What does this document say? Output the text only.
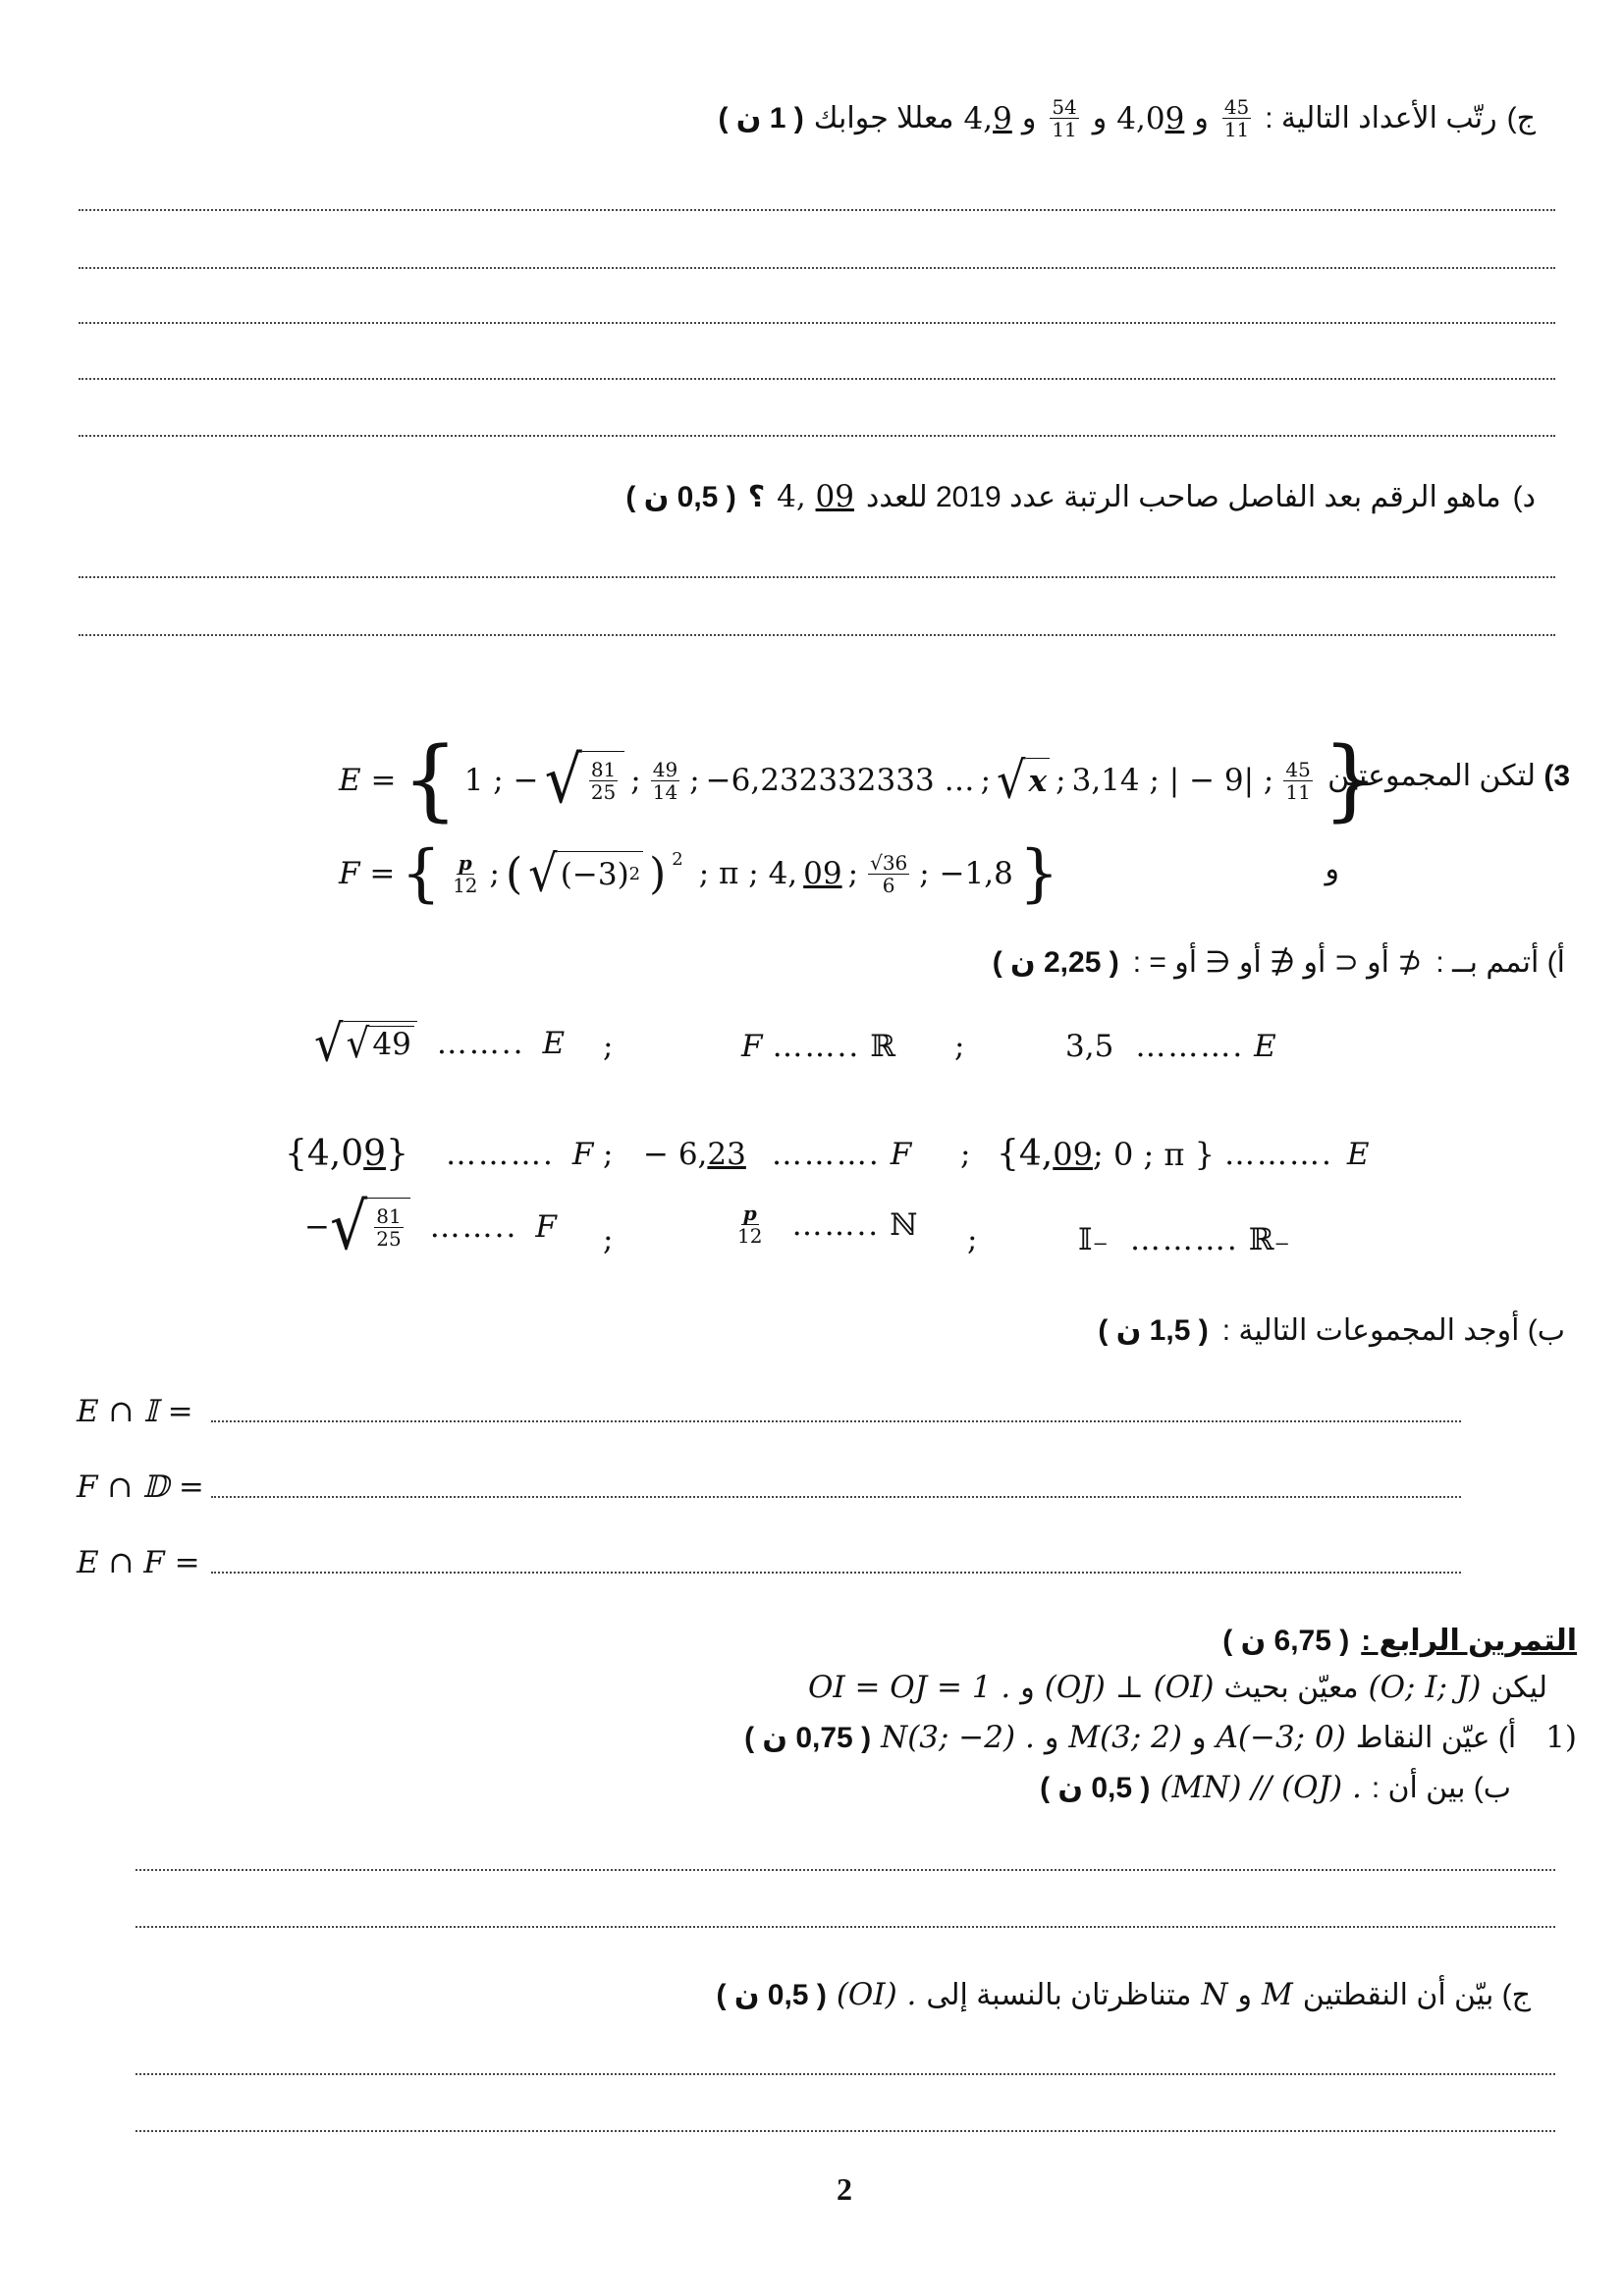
ج)
رتّب الأعداد التالية :
$\frac{45}{11}$
و
4,09
و
$\frac{54}{11}$
و
4,9
معللا جوابك
( 1 ن )
د)
ماهو الرقم بعد الفاصل صاحب الرتبة عدد 2019 للعدد
4, 09
؟
( 0,5 ن )
3) لتكن المجموعتين
و
E = { 1 ; − √ $\frac{81}{25}$ ; $\frac{49}{14}$ ; −6,232332333 … ; √ x ; 3,14 ; | − 9| ; $\frac{45}{11}$ }
F = { $\frac{p}{12}$ ; ( √ (−3) 2 ) $^2$ ; π ; 4, 09 ; $\frac{√36}{6}$ ; −1,8 }
أ) أتمم بــ :
⊄ أو ⊂ أو ∉ أو ∈ أو = :
( 2,25 ن )
√ √ 49 …….. E ;	F …….. ℝ ;	3,5 ………. E
{4,0 9 } ………. F ; − 6, 23 ………. F ; {4, 09 ; 0 ; π } ………. E
− √ $\frac{81}{25}$ …….. F ;	$\frac{p}{12}$ …….. ℕ ;	𝕀₋ ………. ℝ₋
ب) أوجد المجموعات التالية :
( 1,5 ن )
E ∩ 𝕀 =
F ∩ 𝔻 =
E ∩ F =
التمرين الرابع :
( 6,75 ن )
ليكن
(O; I; J)
معيّن بحيث
(OJ) ⊥ (OI)
و
OI = OJ = 1 .
1)
أ) عيّن النقاط
A(−3; 0)
و
M(3; 2)
و
N(3; −2) .
( 0,75 ن )
ب) بين أن :
(MN) // (OJ) .
( 0,5 ن )
ج) بيّن أن النقطتين
M
و
N
متناظرتان بالنسبة إلى
(OI) .
( 0,5 ن )
2
